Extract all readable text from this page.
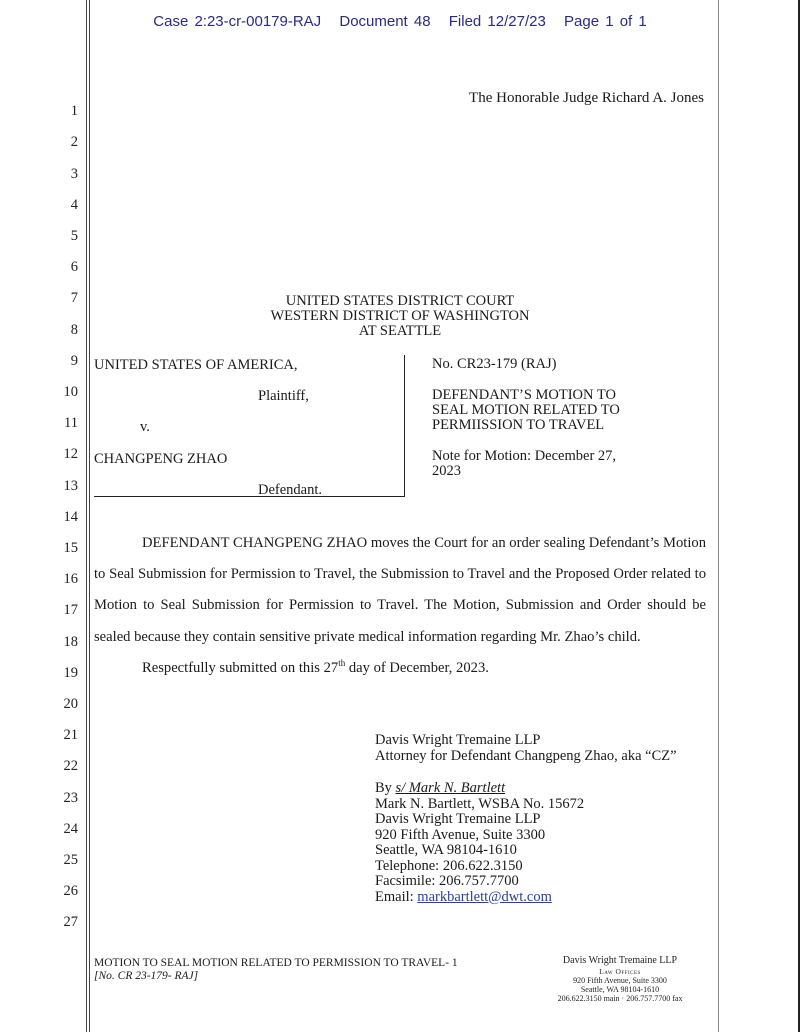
Case 2:23-cr-00179-RAJ Document 48 Filed 12/27/23 Page 1 of 1
1
2
3
4
5
6
7
8
9
10
11
12
13
14
15
16
17
18
19
20
21
22
23
24
25
26
27
The Honorable Judge Richard A. Jones
UNITED STATES DISTRICT COURT
WESTERN DISTRICT OF WASHINGTON
AT SEATTLE
UNITED STATES OF AMERICA,
Plaintiff,
v.
CHANGPENG ZHAO
Defendant.
No. CR23-179 (RAJ)
DEFENDANT’S MOTION TO
SEAL MOTION RELATED TO
PERMIISSION TO TRAVEL
Note for Motion: December 27,
2023

DEFENDANT CHANGPENG ZHAO moves the Court for an order sealing Defendant’s Motion to Seal Submission for Permission to Travel, the Submission to Travel and the Proposed Order related to Motion to Seal Submission for Permission to Travel. The Motion, Submission and Order should be sealed because they contain sensitive private medical information regarding Mr. Zhao’s child.

Respectfully submitted on this 27th day of December, 2023.

Davis Wright Tremaine LLP
Attorney for Defendant Changpeng Zhao, aka “CZ”
By s/ Mark N. Bartlett
Mark N. Bartlett, WSBA No. 15672
Davis Wright Tremaine LLP
920 Fifth Avenue, Suite 3300
Seattle, WA 98104-1610
Telephone: 206.622.3150
Facsimile: 206.757.7700
Email: markbartlett@dwt.com
MOTION TO SEAL MOTION RELATED TO PERMISSION TO TRAVEL- 1
[No. CR 23-179- RAJ]
Davis Wright Tremaine LLP
Law Offices
920 Fifth Avenue, Suite 3300
Seattle, WA 98104-1610
206.622.3150 main · 206.757.7700 fax
